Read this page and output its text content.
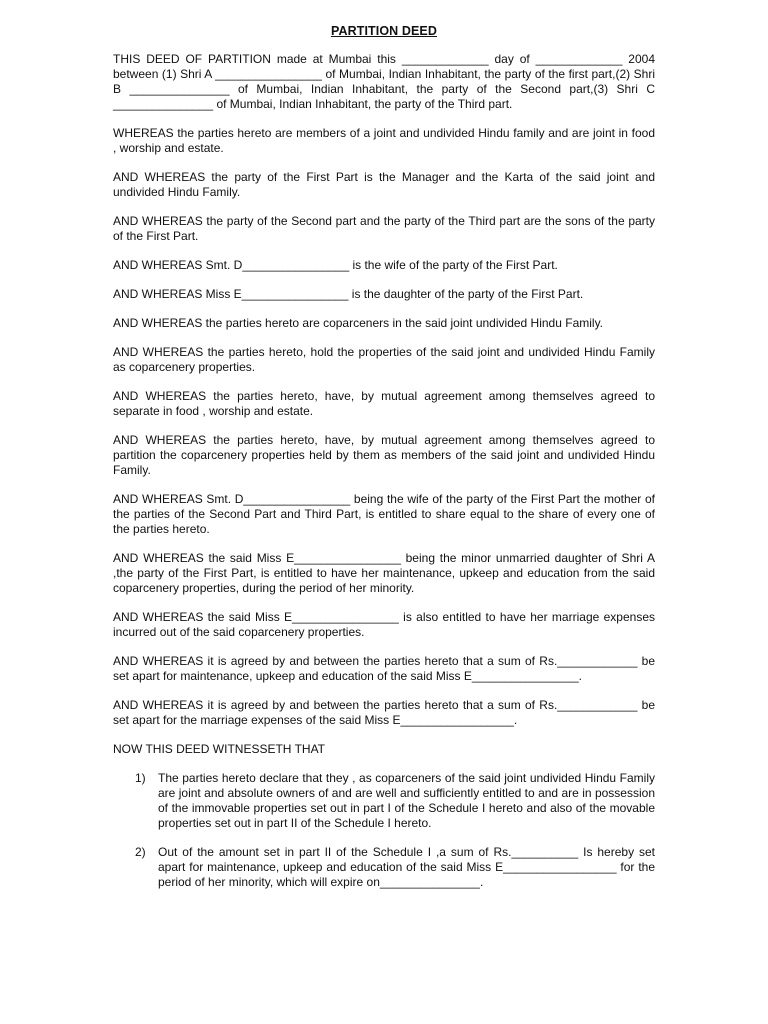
PARTITION DEED

THIS DEED OF PARTITION made at Mumbai this _____________ day of _____________ 2004 between (1) Shri A ________________ of Mumbai, Indian Inhabitant, the party of the first part,(2) Shri B _______________ of Mumbai, Indian Inhabitant, the party of the Second part,(3) Shri C _______________ of Mumbai, Indian Inhabitant, the party of the Third part.

WHEREAS the parties hereto are members of a joint and undivided Hindu family and are joint in food , worship and estate.

AND WHEREAS the party of the First Part is the Manager and the Karta of the said joint and undivided Hindu Family.

AND WHEREAS the party of the Second part and the party of the Third part are the sons of the party of the First Part.

AND WHEREAS Smt. D________________ is the wife of the party of the First Part.

AND WHEREAS Miss E________________ is the daughter of the party of the First Part.

AND WHEREAS the parties hereto are coparceners in the said joint undivided Hindu Family.

AND WHEREAS the parties hereto, hold the properties of the said joint and undivided Hindu Family as coparcenery properties.

AND WHEREAS the parties hereto, have, by mutual agreement among themselves agreed to separate in food , worship and estate.

AND WHEREAS the parties hereto, have, by mutual agreement among themselves agreed to partition the coparcenery properties held by them as members of the said joint and undivided Hindu Family.

AND WHEREAS Smt. D________________ being the wife of the party of the First Part the mother of the parties of the Second Part and Third Part, is entitled to share equal to the share of every one of the parties hereto.

AND WHEREAS the said Miss E________________ being the minor unmarried daughter of Shri A ,the party of the First Part, is entitled to have her maintenance, upkeep and education from the said coparcenery properties, during the period of her minority.

AND WHEREAS the said Miss E________________ is also entitled to have her marriage expenses incurred out of the said coparcenery properties.

AND WHEREAS it is agreed by and between the parties hereto that a sum of Rs.____________ be set apart for maintenance, upkeep and education of the said Miss E________________.

AND WHEREAS it is agreed by and between the parties hereto that a sum of Rs.____________ be set apart for the marriage expenses of the said Miss E_________________.

NOW THIS DEED WITNESSETH THAT

1) The parties hereto declare that they , as coparceners of the said joint undivided Hindu Family are joint and absolute owners of and are well and sufficiently entitled to and are in possession of the immovable properties set out in part I of the Schedule I hereto and also of the movable properties set out in part II of the Schedule I hereto.
2) Out of the amount set in part II of the Schedule I ,a sum of Rs.__________ Is hereby set apart for maintenance, upkeep and education of the said Miss E_________________ for the period of her minority, which will expire on_______________.
